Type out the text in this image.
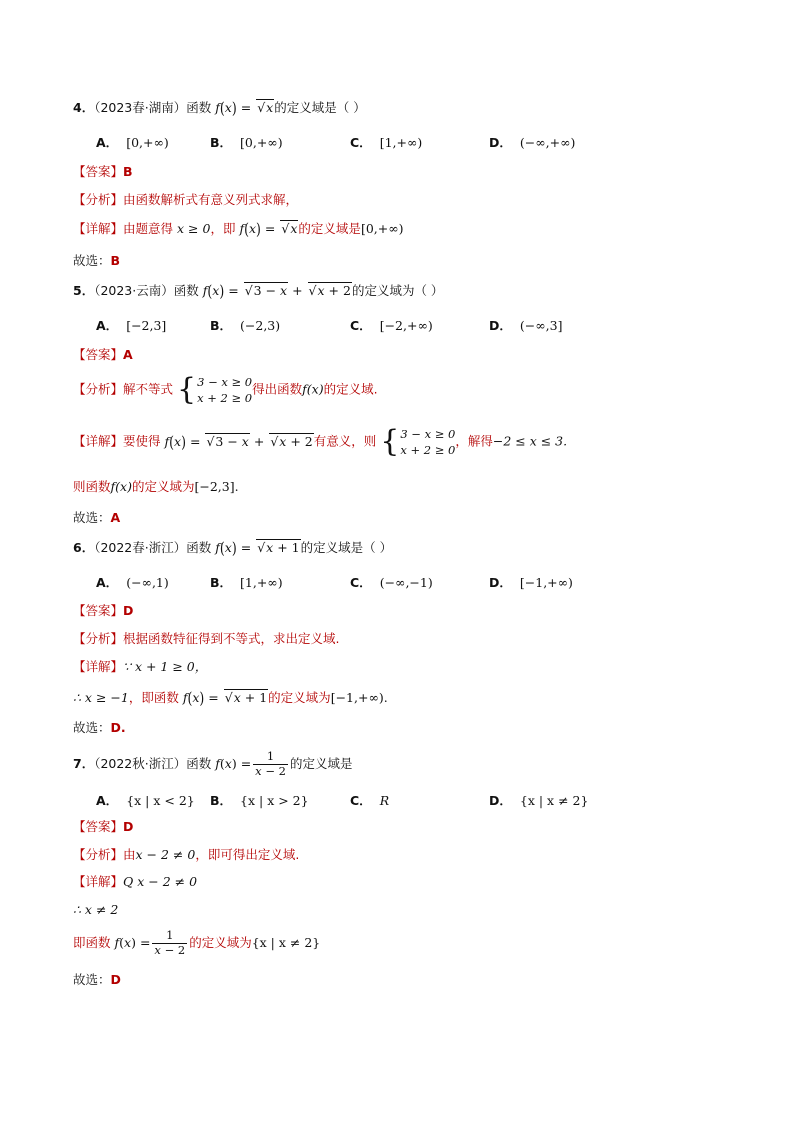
4．（2023春·湖南）函数 f(x) = √ x的定义域是（ ）
A． [0,+∞)	B． [0,+∞)	C． [1,+∞)	D． (−∞,+∞)
【答案】B
【分析】由函数解析式有意义列式求解，
【详解】由题意得 x ≥ 0，即 f(x) = √ x的定义域是[0,+∞)
故选：B
5．（2023·云南）函数 f(x) = √ 3 − x + √ x + 2的定义域为（ ）
A． [−2,3]	B． (−2,3)	C． [−2,+∞)	D． (−∞,3]
【答案】A
【分析】解不等式 { 3 − x ≥ 0
x + 2 ≥ 0
得出函数f(x)的定义域.
【详解】要使得 f(x) = √ 3 − x + √ x + 2有意义，则 { 3 − x ≥ 0
x + 2 ≥ 0
，解得−2 ≤ x ≤ 3.
则函数f(x)的定义域为[−2,3].
故选：A
6．（2022春·浙江）函数 f(x) = √ x + 1的定义域是（ ）
A． (−∞,1)	B． [1,+∞)	C． (−∞,−1)	D． [−1,+∞)
【答案】D
【分析】根据函数特征得到不等式，求出定义域.
【详解】∵ x + 1 ≥ 0，
∴ x ≥ −1，即函数 f(x) = √ x + 1的定义域为[−1,+∞).
故选：D.
7．（2022秋·浙江）函数 $f(x) = \frac{1}{x - 2}$ 的定义域是
A． {x | x < 2} B． {x | x > 2}	C． R	D． {x | x ≠ 2}
【答案】D
【分析】由x − 2 ≠ 0，即可得出定义域.
【详解】Q x − 2 ≠ 0
∴ x ≠ 2
即函数 $f(x) = \frac{1}{x - 2}$ 的定义域为{x | x ≠ 2}
故选：D
